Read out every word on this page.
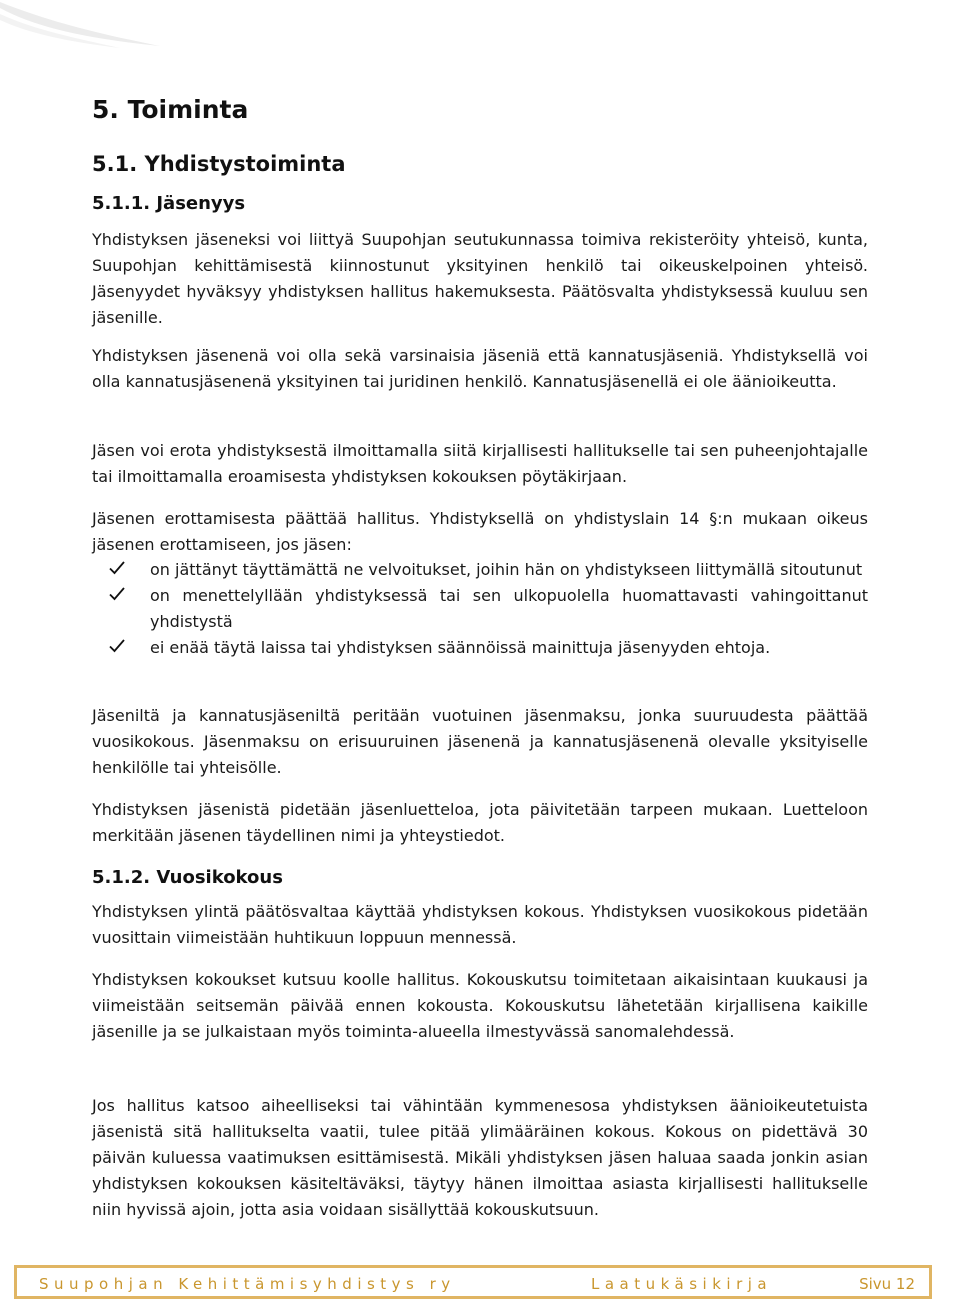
5. Toiminta
5.1. Yhdistystoiminta
5.1.1. Jäsenyys

Yhdistyksen jäseneksi voi liittyä Suupohjan seutukunnassa toimiva rekisteröity yhteisö, kunta, Suupohjan kehittämisestä kiinnostunut yksityinen henkilö tai oikeuskelpoinen yhteisö. Jäsenyydet hyväksyy yhdistyksen hallitus hakemuksesta. Päätösvalta yhdistyksessä kuuluu sen jäsenille.

Yhdistyksen jäsenenä voi olla sekä varsinaisia jäseniä että kannatusjäseniä. Yhdistyksellä voi olla kannatusjäsenenä yksityinen tai juridinen henkilö. Kannatusjäsenellä ei ole äänioikeutta.

Jäsen voi erota yhdistyksestä ilmoittamalla siitä kirjallisesti hallitukselle tai sen puheenjohtajalle tai ilmoittamalla eroamisesta yhdistyksen kokouksen pöytäkirjaan.

Jäsenen erottamisesta päättää hallitus. Yhdistyksellä on yhdistyslain 14 §:n mukaan oikeus jäsenen erottamiseen, jos jäsen:

on jättänyt täyttämättä ne velvoitukset, joihin hän on yhdistykseen liittymällä sitoutunut
on menettelyllään yhdistyksessä tai sen ulkopuolella huomattavasti vahingoittanut yhdistystä
ei enää täytä laissa tai yhdistyksen säännöissä mainittuja jäsenyyden ehtoja.

Jäseniltä ja kannatusjäseniltä peritään vuotuinen jäsenmaksu, jonka suuruudesta päättää vuosikokous. Jäsenmaksu on erisuuruinen jäsenenä ja kannatusjäsenenä olevalle yksityiselle henkilölle tai yhteisölle.

Yhdistyksen jäsenistä pidetään jäsenluetteloa, jota päivitetään tarpeen mukaan. Luetteloon merkitään jäsenen täydellinen nimi ja yhteystiedot.

5.1.2. Vuosikokous

Yhdistyksen ylintä päätösvaltaa käyttää yhdistyksen kokous. Yhdistyksen vuosikokous pidetään vuosittain viimeistään huhtikuun loppuun mennessä.

Yhdistyksen kokoukset kutsuu koolle hallitus. Kokouskutsu toimitetaan aikaisintaan kuukausi ja viimeistään seitsemän päivää ennen kokousta. Kokouskutsu lähetetään kirjallisena kaikille jäsenille ja se julkaistaan myös toiminta-alueella ilmestyvässä sanomalehdessä.

Jos hallitus katsoo aiheelliseksi tai vähintään kymmenesosa yhdistyksen äänioikeutetuista jäsenistä sitä hallitukselta vaatii, tulee pitää ylimääräinen kokous. Kokous on pidettävä 30 päivän kuluessa vaatimuksen esittämisestä. Mikäli yhdistyksen jäsen haluaa saada jonkin asian yhdistyksen kokouksen käsiteltäväksi, täytyy hänen ilmoittaa asiasta kirjallisesti hallitukselle niin hyvissä ajoin, jotta asia voidaan sisällyttää kokouskutsuun.

Suupohjan Kehittämisyhdistys ry	Laatukäsikirja	Sivu 12
